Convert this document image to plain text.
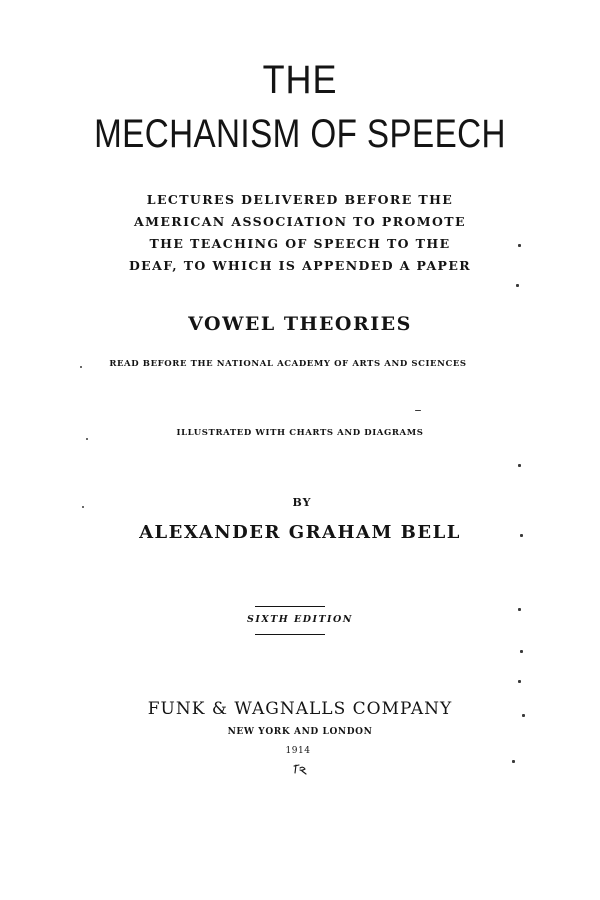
THE
MECHANISM OF SPEECH

LECTURES DELIVERED BEFORE THE

AMERICAN ASSOCIATION TO PROMOTE

THE TEACHING OF SPEECH TO THE

DEAF, TO WHICH IS APPENDED A PAPER

VOWEL THEORIES

READ BEFORE THE NATIONAL ACADEMY OF ARTS AND SCIENCES

ILLUSTRATED WITH CHARTS AND DIAGRAMS

BY

ALEXANDER GRAHAM BELL

SIXTH EDITION

FUNK & WAGNALLS COMPANY

NEW YORK AND LONDON

1914
